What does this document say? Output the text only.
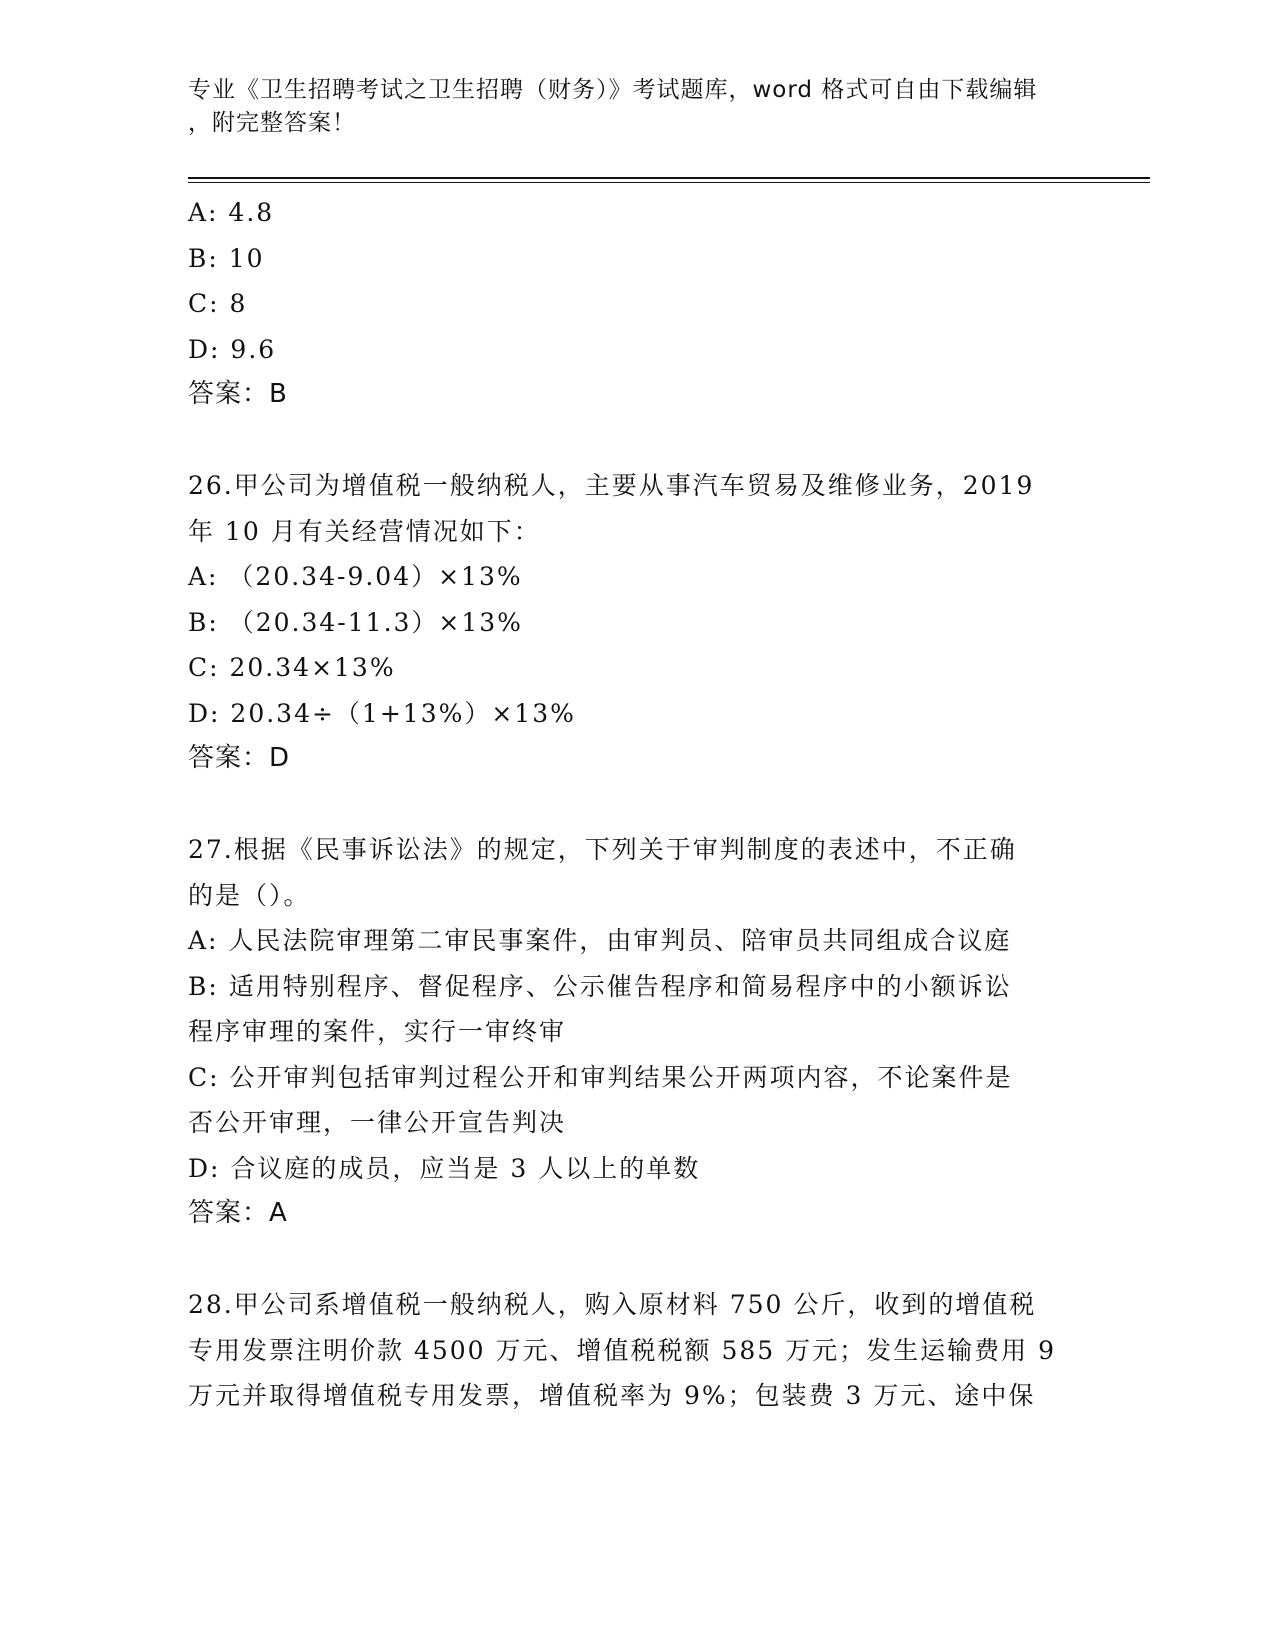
专业《卫生招聘考试之卫生招聘（财务）》考试题库，word 格式可自由下载编辑
，附完整答案！
A: 4.8
B: 10
C: 8
D: 9.6
答案：B
26.甲公司为增值税一般纳税人，主要从事汽车贸易及维修业务，2019
年 10 月有关经营情况如下：
A: （20.34-9.04）×13%
B: （20.34-11.3）×13%
C: 20.34×13%
D: 20.34÷（1+13%）×13%
答案：D
27.根据《民事诉讼法》的规定，下列关于审判制度的表述中，不正确
的是（）。
A: 人民法院审理第二审民事案件，由审判员、陪审员共同组成合议庭
B: 适用特别程序、督促程序、公示催告程序和简易程序中的小额诉讼
程序审理的案件，实行一审终审
C: 公开审判包括审判过程公开和审判结果公开两项内容，不论案件是
否公开审理，一律公开宣告判决
D: 合议庭的成员，应当是 3 人以上的单数
答案：A
28.甲公司系增值税一般纳税人，购入原材料 750 公斤，收到的增值税
专用发票注明价款 4500 万元、增值税税额 585 万元；发生运输费用 9
万元并取得增值税专用发票，增值税率为 9%；包装费 3 万元、途中保
